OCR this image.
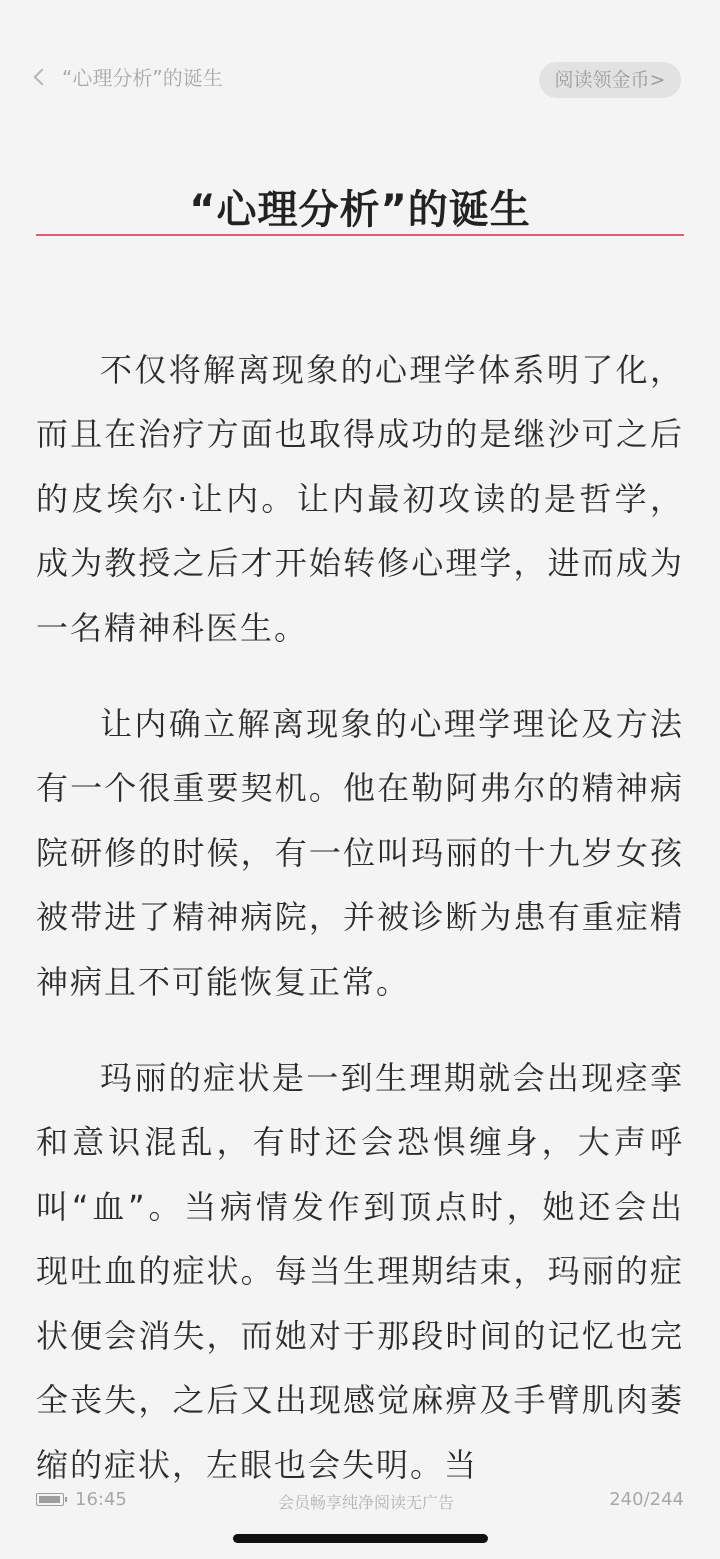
“心理分析”的诞生	阅读领金币>
“心理分析”的诞生

不仅将解离现象的心理学体系明了化，而且在治疗方面也取得成功的是继沙可之后的皮埃尔·让内。让内最初攻读的是哲学，成为教授之后才开始转修心理学，进而成为一名精神科医生。

让内确立解离现象的心理学理论及方法有一个很重要契机。他在勒阿弗尔的精神病院研修的时候，有一位叫玛丽的十九岁女孩被带进了精神病院，并被诊断为患有重症精神病且不可能恢复正常。

玛丽的症状是一到生理期就会出现痉挛和意识混乱，有时还会恐惧缠身，大声呼叫“血”。当病情发作到顶点时，她还会出现吐血的症状。每当生理期结束，玛丽的症状便会消失，而她对于那段时间的记忆也完全丧失，之后又出现感觉麻痹及手臂肌肉萎缩的症状，左眼也会失明。当

16:45	会员畅享纯净阅读无广告	240/244
